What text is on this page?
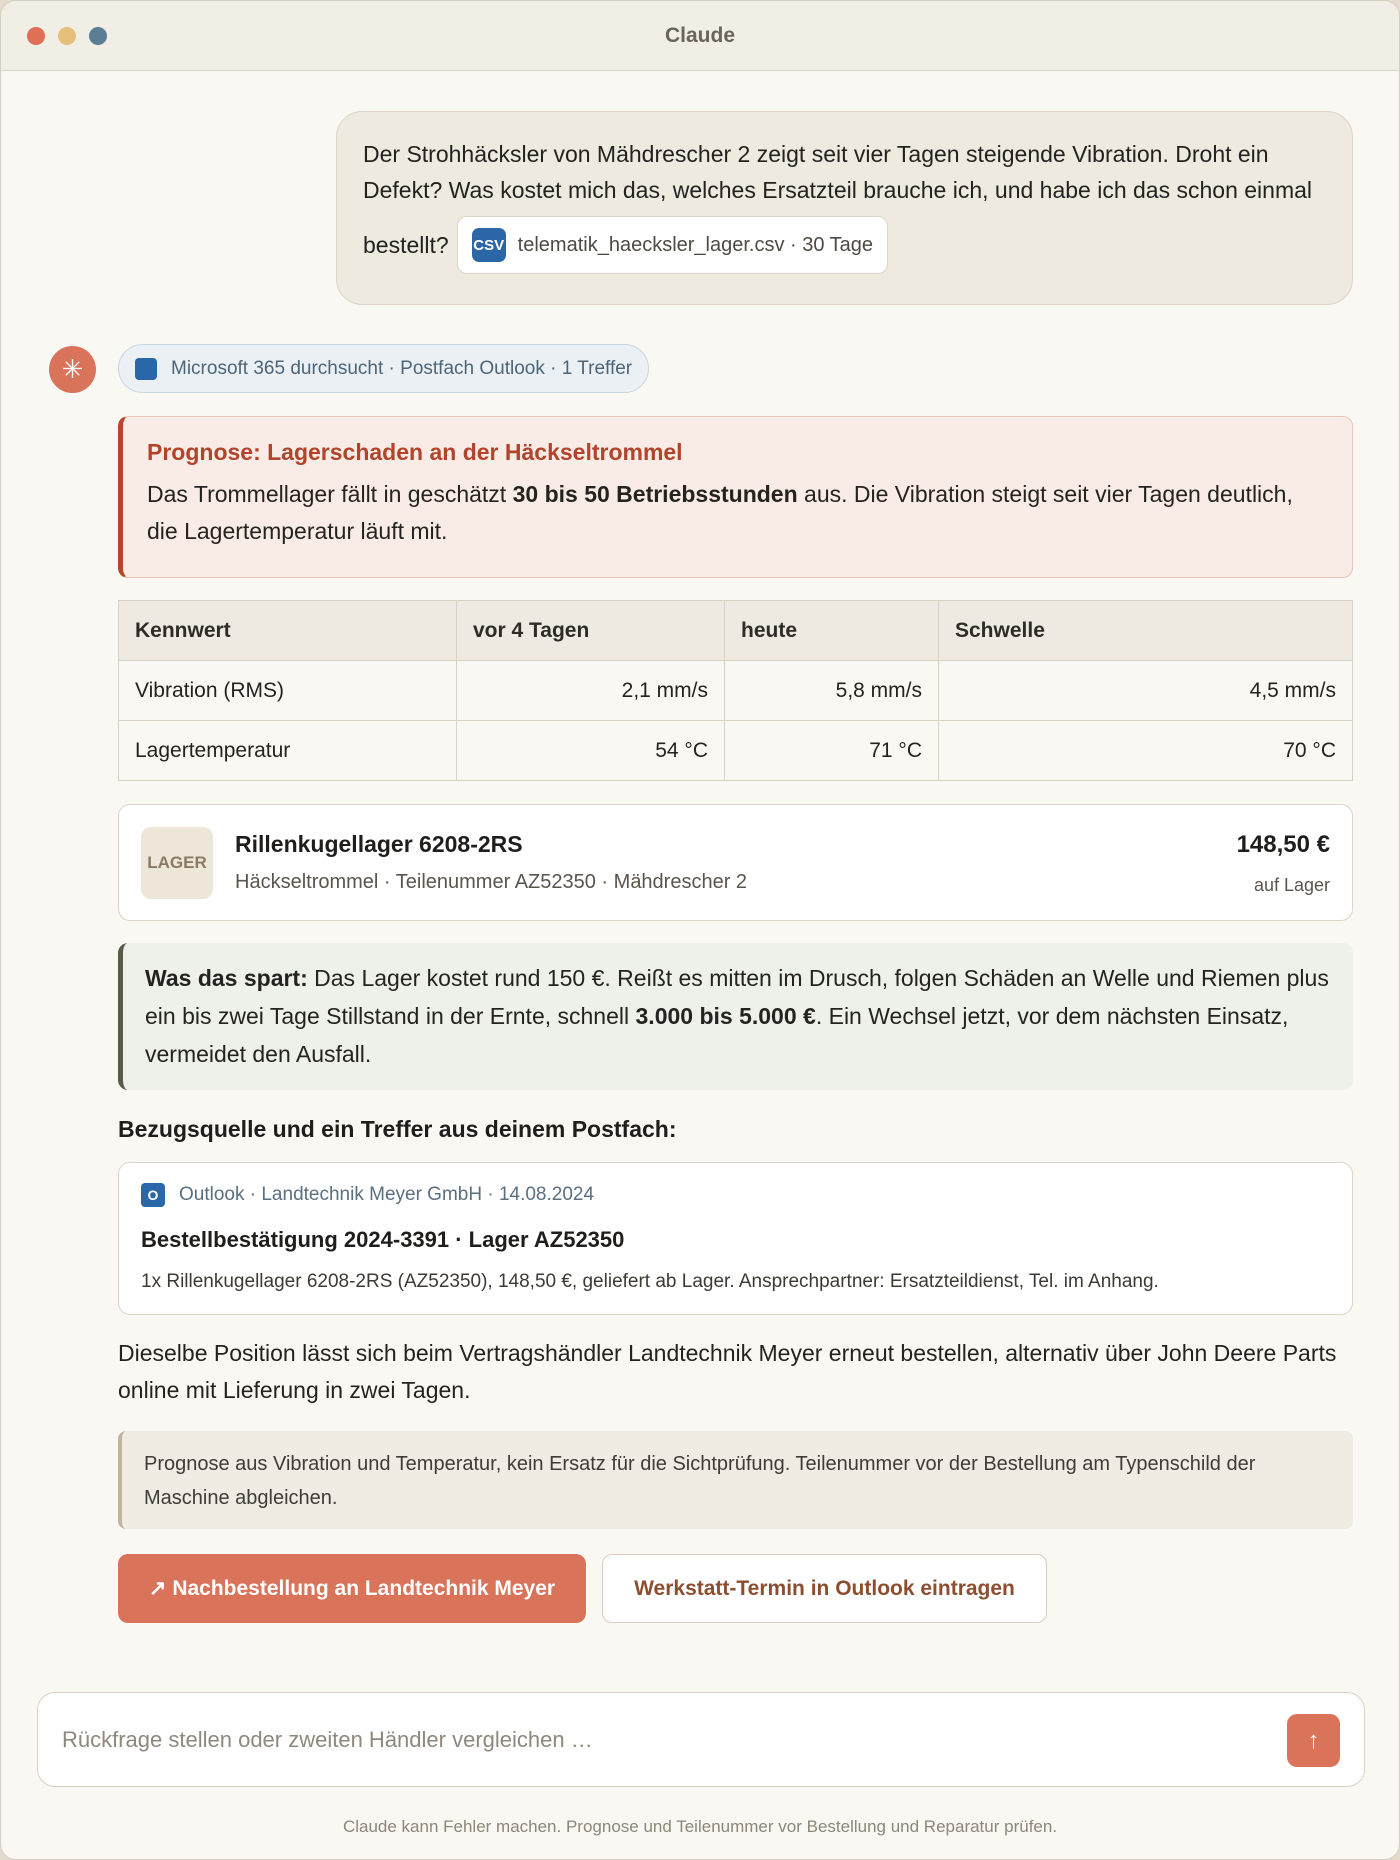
Claude
Der Strohhäcksler von Mähdrescher 2 zeigt seit vier Tagen steigende Vibration. Droht ein Defekt? Was kostet mich das, welches Ersatzteil brauche ich, und habe ich das schon einmal
bestellt? CSV telematik_haecksler_lager.csv · 30 Tage
✳	Microsoft 365 durchsucht · Postfach Outlook · 1 Treffer
Prognose: Lagerschaden an der Häckseltrommel
Das Trommellager fällt in geschätzt 30 bis 50 Betriebsstunden aus. Die Vibration steigt seit vier Tagen deutlich, die Lagertemperatur läuft mit.
Kennwert	vor 4 Tagen	heute	Schwelle
Vibration (RMS)	2,1 mm/s	5,8 mm/s	4,5 mm/s
Lagertemperatur	54 °C	71 °C	70 °C
LAGER
Rillenkugellager 6208-2RS
Häckseltrommel · Teilenummer AZ52350 · Mähdrescher 2
148,50 €
auf Lager

Was das spart: Das Lager kostet rund 150 €. Reißt es mitten im Drusch, folgen Schäden an Welle und Riemen plus ein bis zwei Tage Stillstand in der Ernte, schnell 3.000 bis 5.000 €. Ein Wechsel jetzt, vor dem nächsten Einsatz, vermeidet den Ausfall.

Bezugsquelle und ein Treffer aus deinem Postfach:
O	Outlook · Landtechnik Meyer GmbH · 14.08.2024
Bestellbestätigung 2024-3391 · Lager AZ52350
1x Rillenkugellager 6208-2RS (AZ52350), 148,50 €, geliefert ab Lager. Ansprechpartner: Ersatzteildienst, Tel. im Anhang.
Dieselbe Position lässt sich beim Vertragshändler Landtechnik Meyer erneut bestellen, alternativ über John Deere Parts online mit Lieferung in zwei Tagen.

Prognose aus Vibration und Temperatur, kein Ersatz für die Sichtprüfung. Teilenummer vor der Bestellung am Typenschild der Maschine abgleichen.

↗ Nachbestellung an Landtechnik Meyer	Werkstatt-Termin in Outlook eintragen
Rückfrage stellen oder zweiten Händler vergleichen …	↑
Claude kann Fehler machen. Prognose und Teilenummer vor Bestellung und Reparatur prüfen.
